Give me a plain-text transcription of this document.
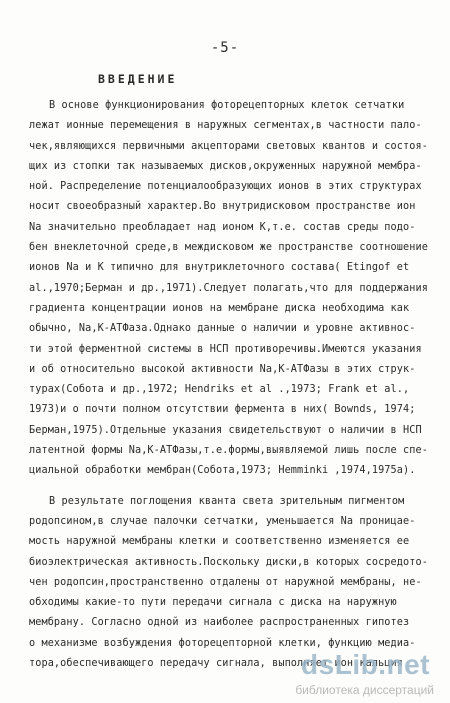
-5-
ВВЕДЕНИЕ
В основе функционирования фоторецепторных клеток сетчатки
лежат ионные перемещения в наружных сегментах,в частности пало-
чек,являющихся первичными акцепторами световых квантов и состоя-
щих из стопки так называемых дисков,окруженных наружной мембра-
ной. Распределение потенциалообразующих ионов в этих структурах
носит своеобразный характер.Во внутридисковом пространстве ион
Na значительно преобладает над ионом К,т.е. состав среды подо-
бен внеклеточной среде,в междисковом же пространстве соотношение
ионов Na и К типично для внутриклеточного состава( Etingof et
al.,1970;Берман и др.,1971).Следует полагать,что для поддержания
градиента концентрации ионов на мембране диска необходима как
обычно, Na,К-АТФаза.Однако данные о наличии и уровне активнос-
ти этой ферментной системы в НСП противоречивы.Имеются указания
и об относительно высокой активности Na,К-АТФазы в этих струк-
турах(Собота и др.,1972; Hendriks et al .,1973; Frank et al.,
1973)и о почти полном отсутствии фермента в них( Bownds, 1974;
Берман,1975).Отдельные указания свидетельствуют о наличии в НСП
латентной формы Na,К-АТФазы,т.е.формы,выявляемой лишь после спе-
циальной обработки мембран(Собота,1973; Hemminki ,1974,1975а).
В результате поглощения кванта света зрительным пигментом
родопсином,в случае палочки сетчатки, уменьшается Na проницае-
мость наружной мембраны клетки и соответственно изменяется ее
биоэлектрическая активность.Поскольку диски,в которых сосредото-
чен родопсин,пространственно отдалены от наружной мембраны, не-
обходимы какие-то пути передачи сигнала с диска на наружную
мембрану. Согласно одной из наиболее распространенных гипотез
о механизме возбуждения фоторецепторной клетки, функцию медиа-
тора,обеспечивающего передачу сигнала, выполняет ион кальция
dsLib.net
библиотека диссертаций
